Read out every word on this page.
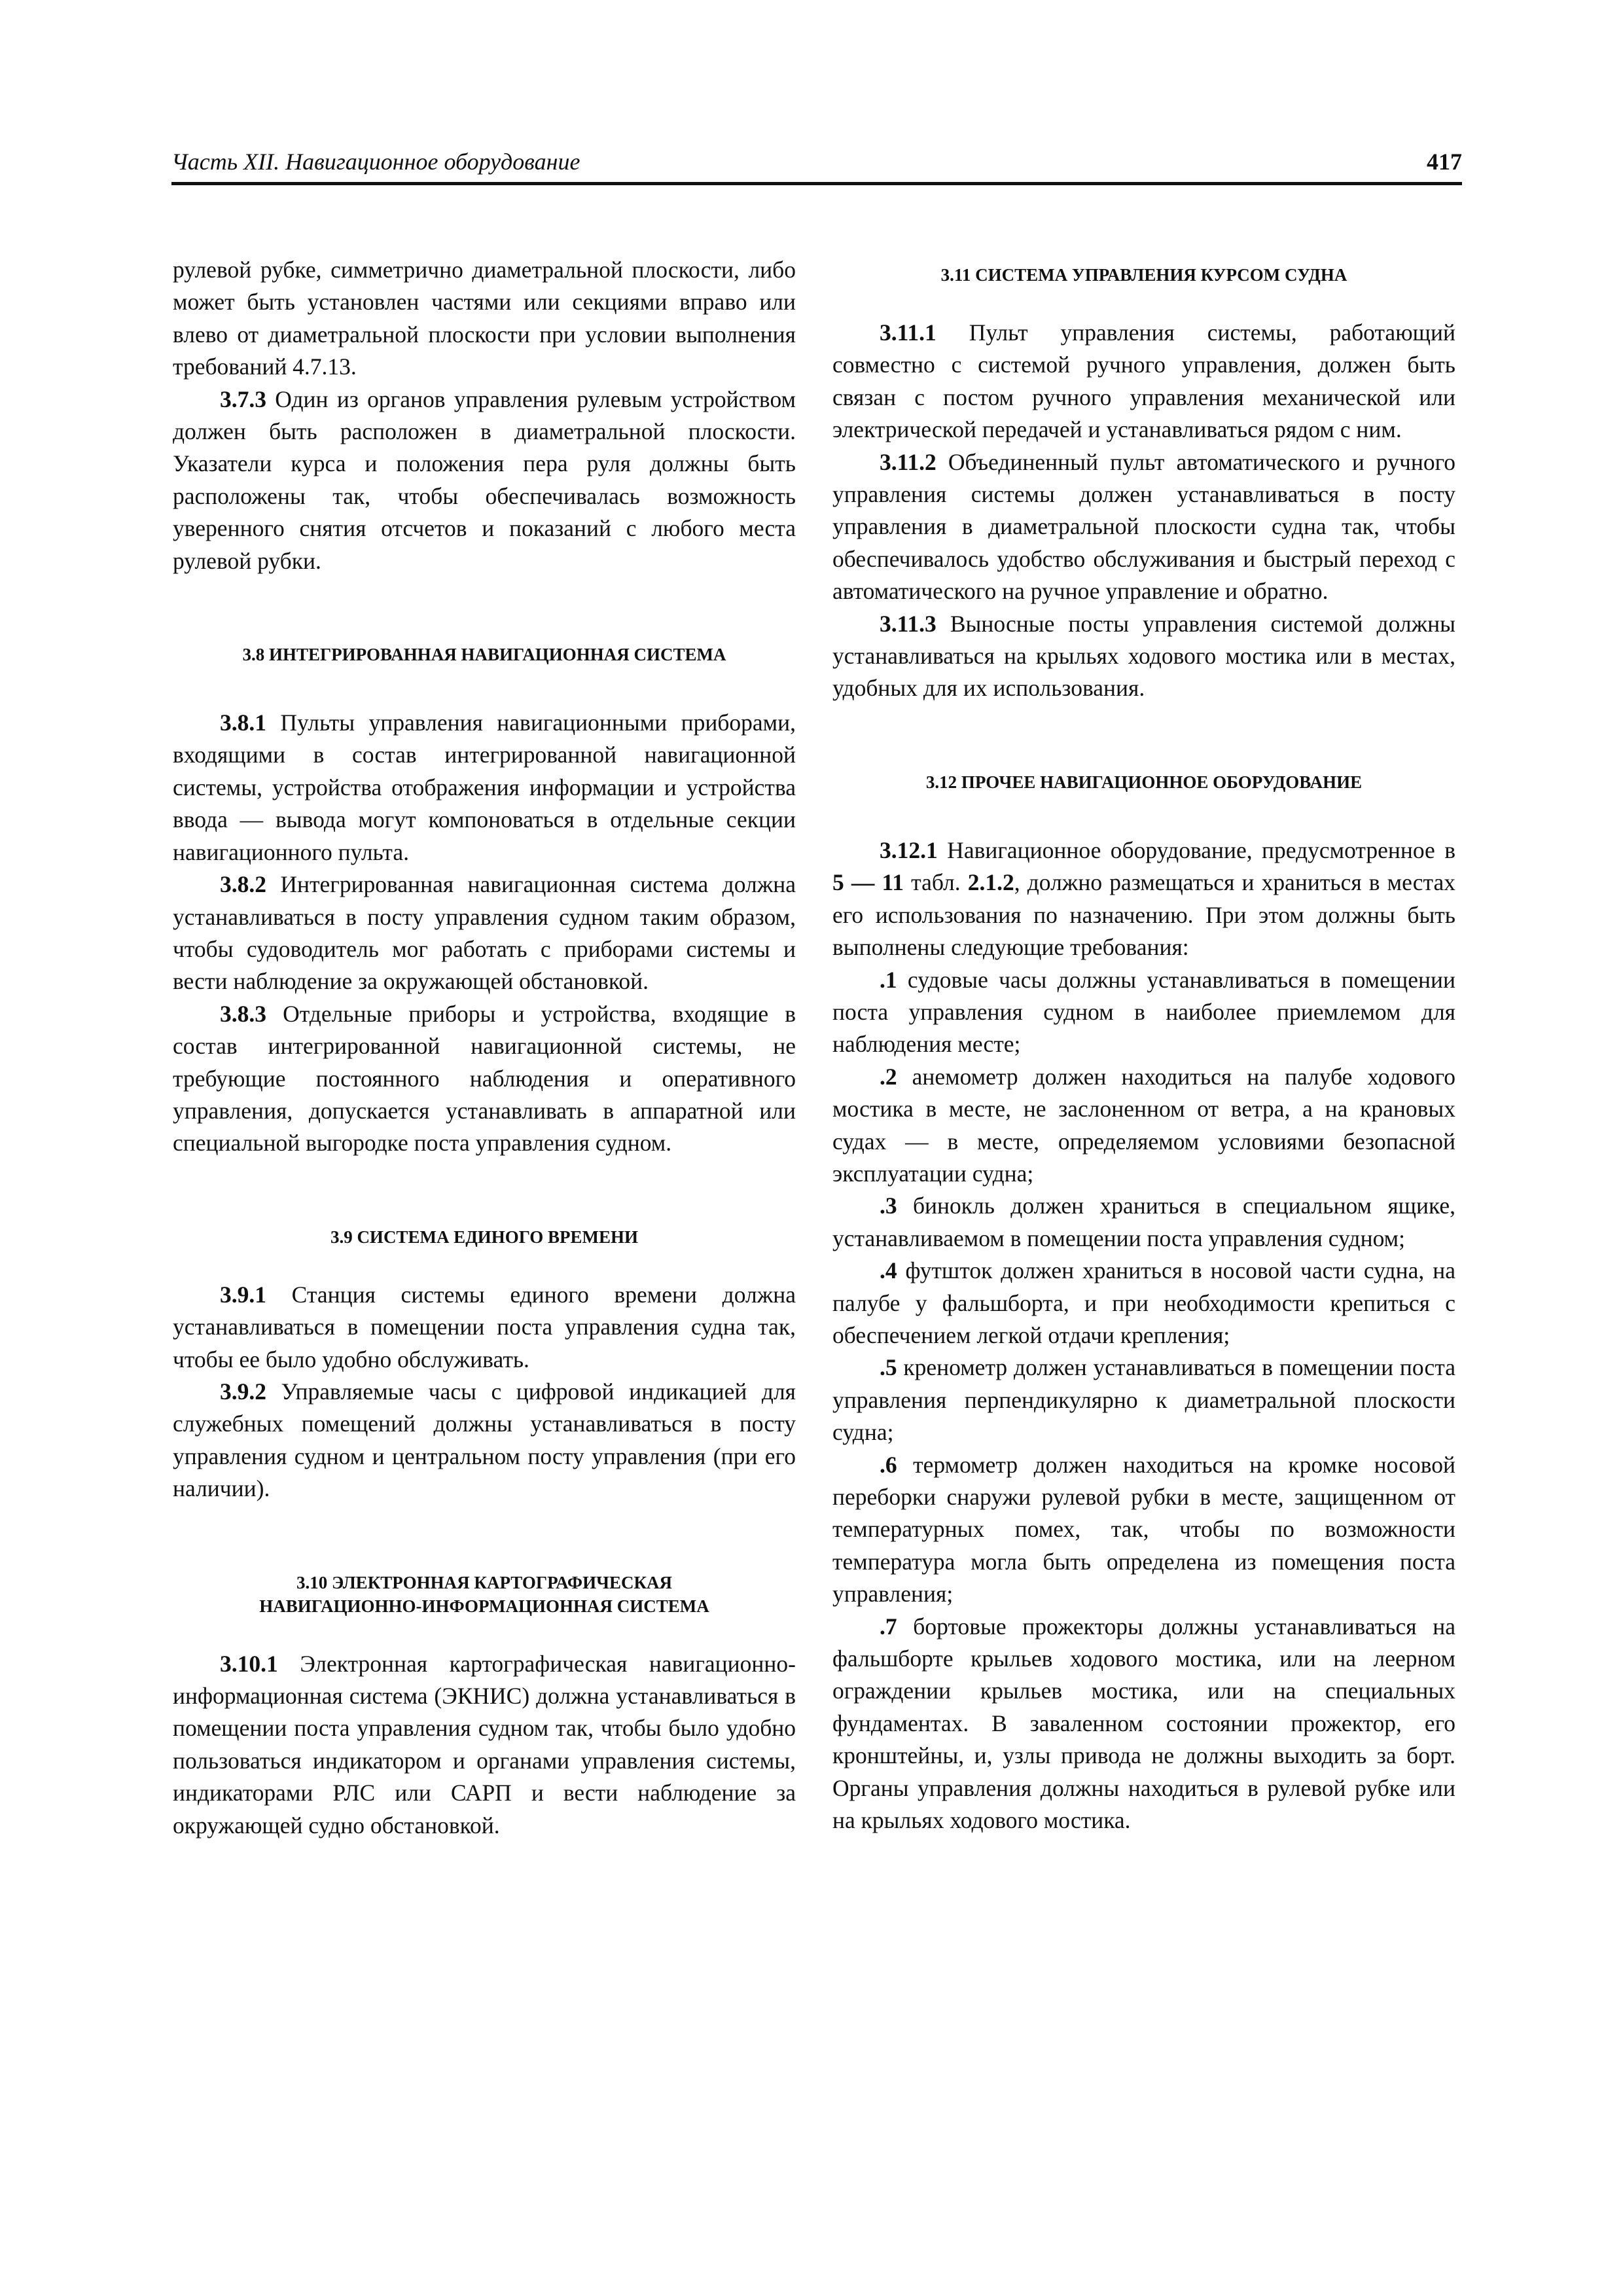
Часть XII. Навигационное оборудование	417

рулевой рубке, симметрично диаметральной плоскости, либо может быть установлен частями или секциями вправо или влево от диаметральной плоскости при условии выполнения требований 4.7.13.

3.7.3 Один из органов управления рулевым устройством должен быть расположен в диаметральной плоскости. Указатели курса и положения пера руля должны быть расположены так, чтобы обеспечивалась возможность уверенного снятия отсчетов и показаний с любого места рулевой рубки.

3.8 ИНТЕГРИРОВАННАЯ НАВИГАЦИОННАЯ СИСТЕМА

3.8.1 Пульты управления навигационными приборами, входящими в состав интегрированной навигационной системы, устройства отображения информации и устройства ввода — вывода могут компоноваться в отдельные секции навигационного пульта.

3.8.2 Интегрированная навигационная система должна устанавливаться в посту управления судном таким образом, чтобы судоводитель мог работать с приборами системы и вести наблюдение за окружающей обстановкой.

3.8.3 Отдельные приборы и устройства, входящие в состав интегрированной навигационной системы, не требующие постоянного наблюдения и оперативного управления, допускается устанавливать в аппаратной или специальной выгородке поста управления судном.

3.9 СИСТЕМА ЕДИНОГО ВРЕМЕНИ

3.9.1 Станция системы единого времени должна устанавливаться в помещении поста управления судна так, чтобы ее было удобно обслуживать.

3.9.2 Управляемые часы с цифровой индикацией для служебных помещений должны устанавливаться в посту управления судном и центральном посту управления (при его наличии).

3.10 ЭЛЕКТРОННАЯ КАРТОГРАФИЧЕСКАЯ
НАВИГАЦИОННО-ИНФОРМАЦИОННАЯ СИСТЕМА

3.10.1 Электронная картографическая навигационно-информационная система (ЭКНИС) должна устанавливаться в помещении поста управления судном так, чтобы было удобно пользоваться индикатором и органами управления системы, индикаторами РЛС или САРП и вести наблюдение за окружающей судно обстановкой.

3.11 СИСТЕМА УПРАВЛЕНИЯ КУРСОМ СУДНА

3.11.1 Пульт управления системы, работающий совместно с системой ручного управления, должен быть связан с постом ручного управления механической или электрической передачей и устанавливаться рядом с ним.

3.11.2 Объединенный пульт автоматического и ручного управления системы должен устанавливаться в посту управления в диаметральной плоскости судна так, чтобы обеспечивалось удобство обслуживания и быстрый переход с автоматического на ручное управление и обратно.

3.11.3 Выносные посты управления системой должны устанавливаться на крыльях ходового мостика или в местах, удобных для их использования.

3.12 ПРОЧЕЕ НАВИГАЦИОННОЕ ОБОРУДОВАНИЕ

3.12.1 Навигационное оборудование, предусмотренное в 5 — 11 табл. 2.1.2, должно размещаться и храниться в местах его использования по назначению. При этом должны быть выполнены следующие требования:

.1 судовые часы должны устанавливаться в помещении поста управления судном в наиболее приемлемом для наблюдения месте;

.2 анемометр должен находиться на палубе ходового мостика в месте, не заслоненном от ветра, а на крановых судах — в месте, определяемом условиями безопасной эксплуатации судна;

.3 бинокль должен храниться в специальном ящике, устанавливаемом в помещении поста управления судном;

.4 футшток должен храниться в носовой части судна, на палубе у фальшборта, и при необходимости крепиться с обеспечением легкой отдачи крепления;

.5 кренометр должен устанавливаться в помещении поста управления перпендикулярно к диаметральной плоскости судна;

.6 термометр должен находиться на кромке носовой переборки снаружи рулевой рубки в месте, защищенном от температурных помех, так, чтобы по возможности температура могла быть определена из помещения поста управления;

.7 бортовые прожекторы должны устанавливаться на фальшборте крыльев ходового мостика, или на леерном ограждении крыльев мостика, или на специальных фундаментах. В заваленном состоянии прожектор, его кронштейны, и, узлы привода не должны выходить за борт. Органы управления должны находиться в рулевой рубке или на крыльях ходового мостика.
